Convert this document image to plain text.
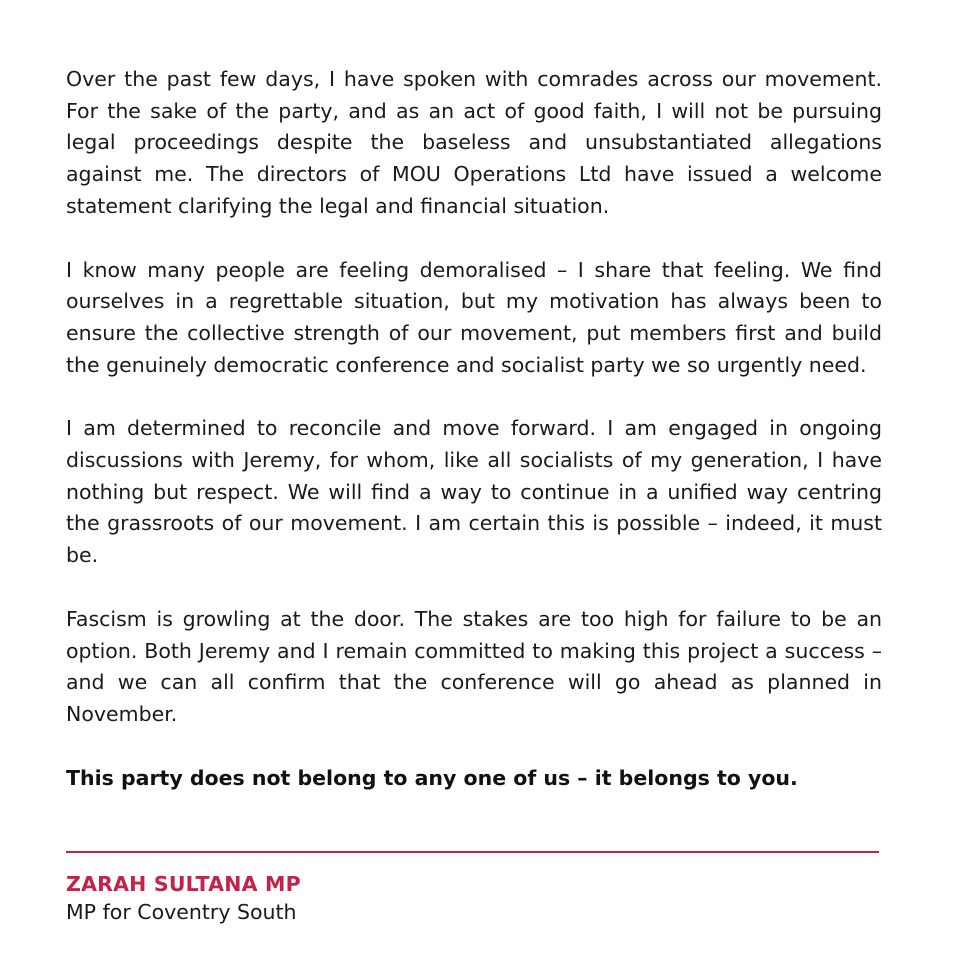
Over the past few days, I have spoken with comrades across our movement. For the sake of the party, and as an act of good faith, I will not be pursuing legal proceedings despite the baseless and unsubstantiated allegations against me. The directors of MOU Operations Ltd have issued a welcome statement clarifying the legal and financial situation.

I know many people are feeling demoralised – I share that feeling. We find ourselves in a regrettable situation, but my motivation has always been to ensure the collective strength of our movement, put members first and build the genuinely democratic conference and socialist party we so urgently need.

I am determined to reconcile and move forward. I am engaged in ongoing discussions with Jeremy, for whom, like all socialists of my generation, I have nothing but respect. We will find a way to continue in a unified way centring the grassroots of our movement. I am certain this is possible – indeed, it must be.

Fascism is growling at the door. The stakes are too high for failure to be an option. Both Jeremy and I remain committed to making this project a success – and we can all confirm that the conference will go ahead as planned in November.

This party does not belong to any one of us – it belongs to you.

ZARAH SULTANA MP
MP for Coventry South
